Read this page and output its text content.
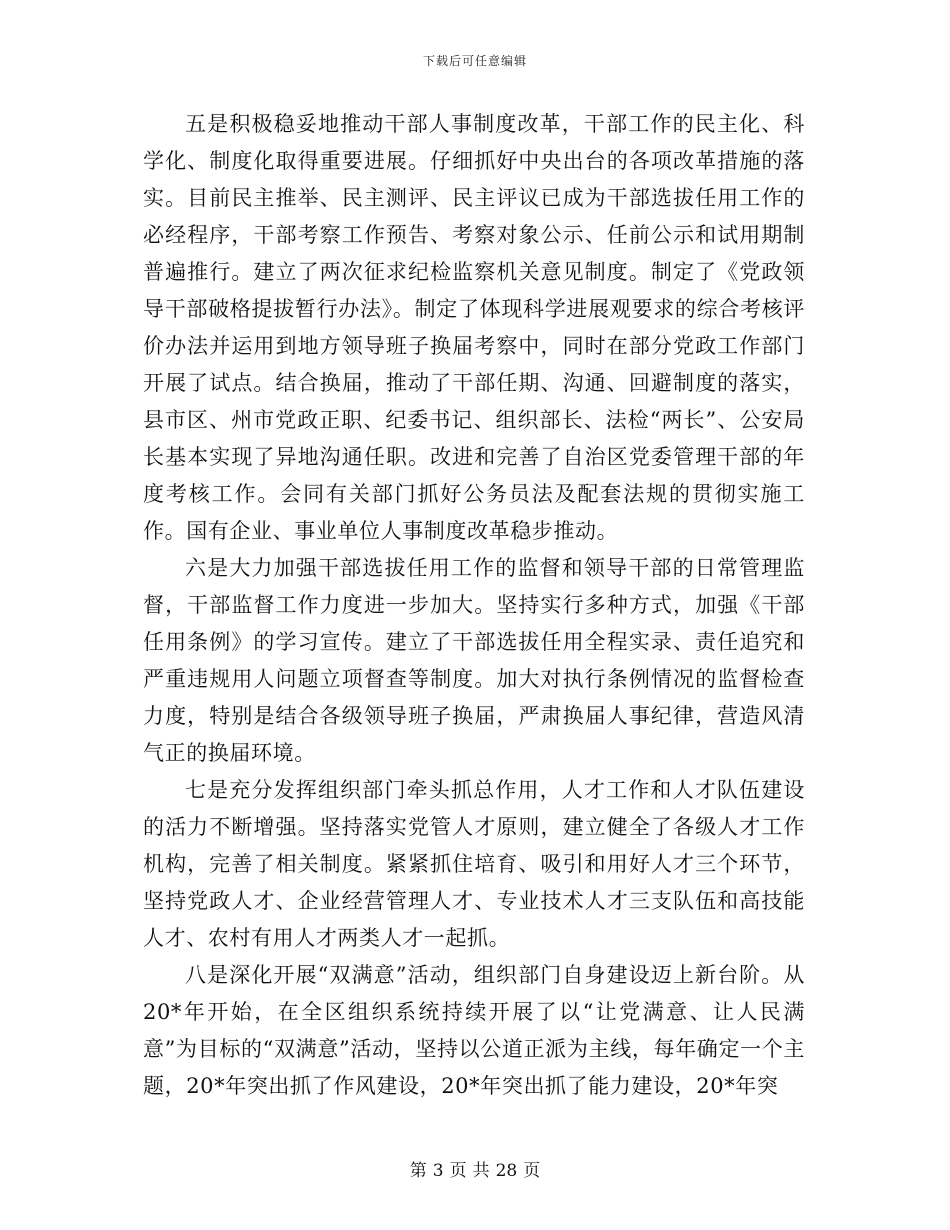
下载后可任意编辑

五是积极稳妥地推动干部人事制度改革，干部工作的民主化、科学化、制度化取得重要进展。仔细抓好中央出台的各项改革措施的落实。目前民主推举、民主测评、民主评议已成为干部选拔任用工作的必经程序，干部考察工作预告、考察对象公示、任前公示和试用期制普遍推行。建立了两次征求纪检监察机关意见制度。制定了《党政领导干部破格提拔暂行办法》。制定了体现科学进展观要求的综合考核评价办法并运用到地方领导班子换届考察中，同时在部分党政工作部门开展了试点。结合换届，推动了干部任期、沟通、回避制度的落实，县市区、州市党政正职、纪委书记、组织部长、法检“两长”、公安局长基本实现了异地沟通任职。改进和完善了自治区党委管理干部的年度考核工作。会同有关部门抓好公务员法及配套法规的贯彻实施工作。国有企业、事业单位人事制度改革稳步推动。

六是大力加强干部选拔任用工作的监督和领导干部的日常管理监督，干部监督工作力度进一步加大。坚持实行多种方式，加强《干部任用条例》的学习宣传。建立了干部选拔任用全程实录、责任追究和严重违规用人问题立项督查等制度。加大对执行条例情况的监督检查力度，特别是结合各级领导班子换届，严肃换届人事纪律，营造风清气正的换届环境。

七是充分发挥组织部门牵头抓总作用，人才工作和人才队伍建设的活力不断增强。坚持落实党管人才原则，建立健全了各级人才工作机构，完善了相关制度。紧紧抓住培育、吸引和用好人才三个环节，坚持党政人才、企业经营管理人才、专业技术人才三支队伍和高技能人才、农村有用人才两类人才一起抓。

八是深化开展“双满意”活动，组织部门自身建设迈上新台阶。从20*年开始，在全区组织系统持续开展了以“让党满意、让人民满意”为目标的“双满意”活动，坚持以公道正派为主线，每年确定一个主题，20*年突出抓了作风建设，20*年突出抓了能力建设，20*年突

第 3 页 共 28 页
